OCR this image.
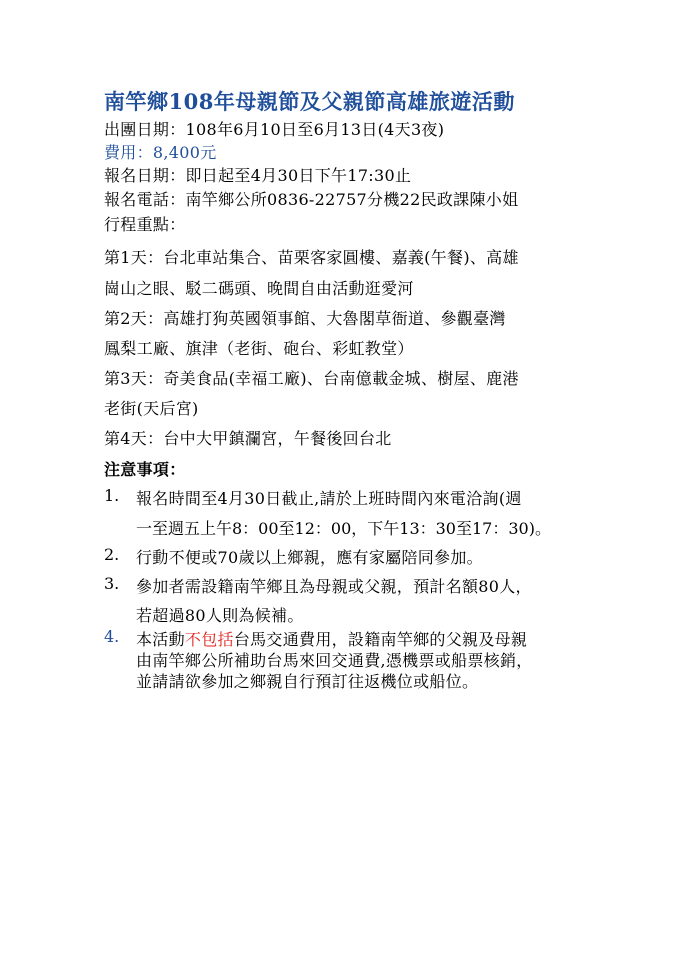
南竿鄉108年母親節及父親節高雄旅遊活動
出團日期：108年6月10日至6月13日(4天3夜)
費用：8,400元
報名日期：即日起至4月30日下午17:30止
報名電話：南竿鄉公所0836-22757分機22民政課陳小姐
行程重點：
第1天：台北車站集合、苗栗客家圓樓、嘉義(午餐)、高雄
崗山之眼、駁二碼頭、晚間自由活動逛愛河
第2天：高雄打狗英國領事館、大魯閣草衙道、參觀臺灣
鳳梨工廠、旗津（老街、砲台、彩虹教堂）
第3天：奇美食品(幸福工廠)、台南億載金城、樹屋、鹿港
老街(天后宮)
第4天：台中大甲鎮瀾宮，午餐後回台北
注意事項：
1. 報名時間至4月30日截止,請於上班時間內來電洽詢(週
一至週五上午8：00至12：00，下午13：30至17：30)。
2. 行動不便或70歲以上鄉親，應有家屬陪同參加。
3. 參加者需設籍南竿鄉且為母親或父親，預計名額80人，
若超過80人則為候補。
4. 本活動不包括台馬交通費用，設籍南竿鄉的父親及母親
由南竿鄉公所補助台馬來回交通費,憑機票或船票核銷，
並請請欲參加之鄉親自行預訂往返機位或船位。
